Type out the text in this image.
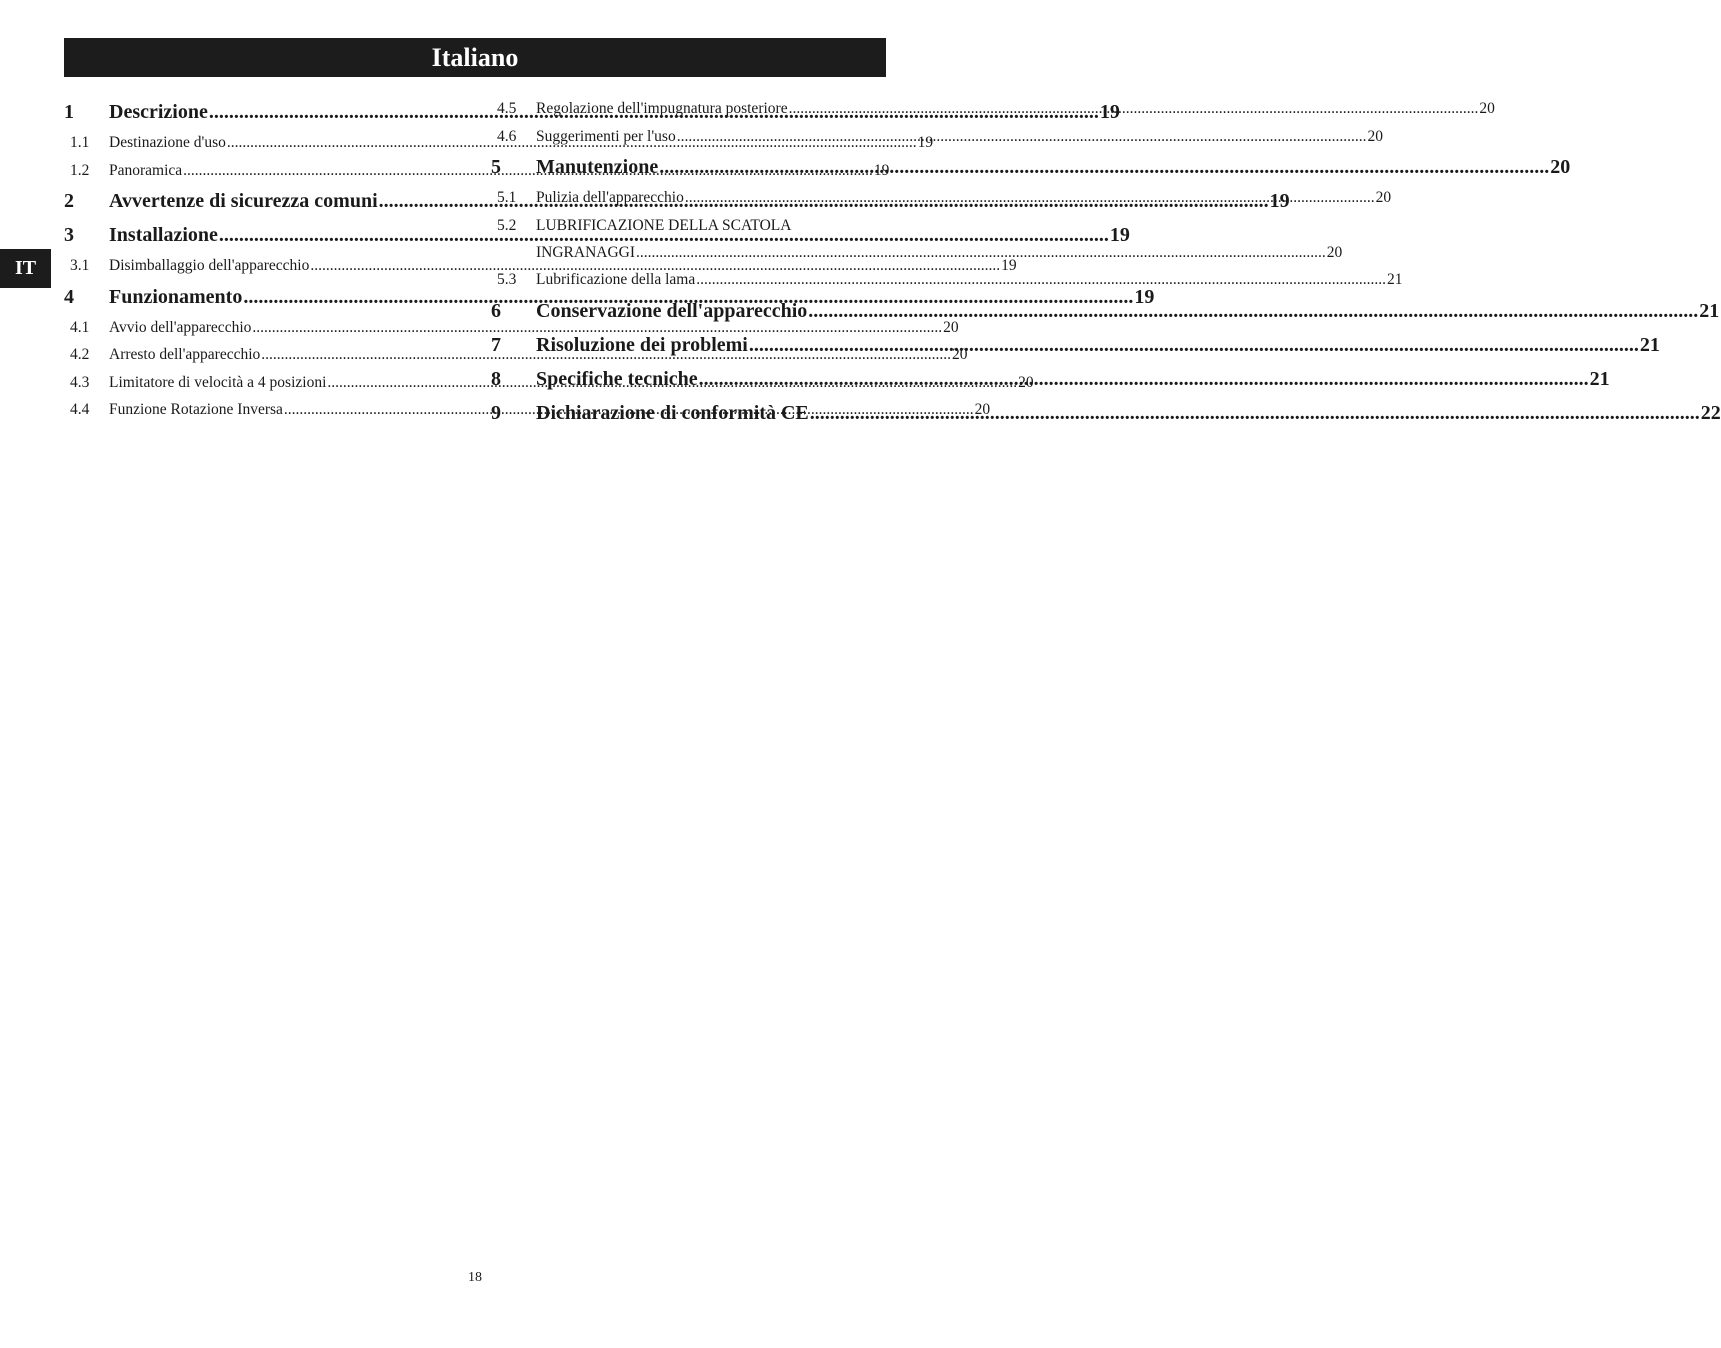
Italiano
IT
1	Descrizione .....	19
1.1	Destinazione d'uso .....	19
1.2	Panoramica .....	19
2	Avvertenze di sicurezza comuni .....	19
3	Installazione .....	19
3.1	Disimballaggio dell'apparecchio .....	19
4	Funzionamento .....	19
4.1	Avvio dell'apparecchio .....	20
4.2	Arresto dell'apparecchio .....	20
4.3	Limitatore di velocità a 4 posizioni .....	20
4.4	Funzione Rotazione Inversa .....	20
4.5	Regolazione dell'impugnatura posteriore .....	20
4.6	Suggerimenti per l'uso .....	20
5	Manutenzione .....	20
5.1	Pulizia dell'apparecchio .....	20
5.2	LUBRIFICAZIONE DELLA SCATOLA
INGRANAGGI .....	20
5.3	Lubrificazione della lama .....	21
6	Conservazione dell'apparecchio .....	21
7	Risoluzione dei problemi .....	21
8	Specifiche tecniche .....	21
9	Dichiarazione di conformità CE .....	22
18
